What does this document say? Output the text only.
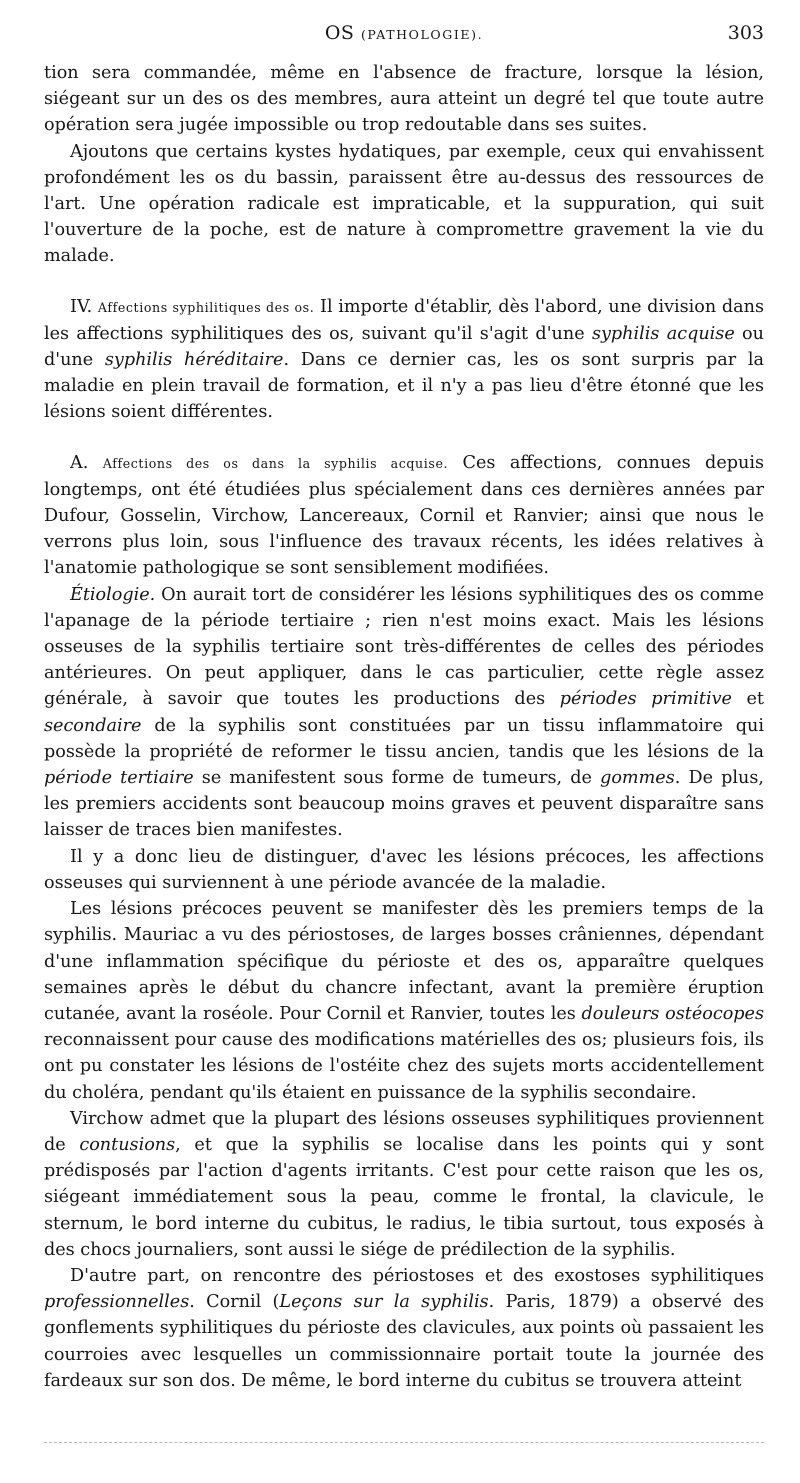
OS (PATHOLOGIE).	303

tion sera commandée, même en l'absence de fracture, lorsque la lésion, siégeant sur un des os des membres, aura atteint un degré tel que toute autre opération sera jugée impossible ou trop redoutable dans ses suites.

Ajoutons que certains kystes hydatiques, par exemple, ceux qui envahissent profondément les os du bassin, paraissent être au-dessus des ressources de l'art. Une opération radicale est impraticable, et la suppuration, qui suit l'ouverture de la poche, est de nature à compromettre gravement la vie du malade.

IV. Affections syphilitiques des os. Il importe d'établir, dès l'abord, une division dans les affections syphilitiques des os, suivant qu'il s'agit d'une syphilis acquise ou d'une syphilis héréditaire. Dans ce dernier cas, les os sont surpris par la maladie en plein travail de formation, et il n'y a pas lieu d'être étonné que les lésions soient différentes.

A. Affections des os dans la syphilis acquise. Ces affections, connues depuis longtemps, ont été étudiées plus spécialement dans ces dernières années par Dufour, Gosselin, Virchow, Lancereaux, Cornil et Ranvier; ainsi que nous le verrons plus loin, sous l'influence des travaux récents, les idées relatives à l'anatomie pathologique se sont sensiblement modifiées.

Étiologie. On aurait tort de considérer les lésions syphilitiques des os comme l'apanage de la période tertiaire ; rien n'est moins exact. Mais les lésions osseuses de la syphilis tertiaire sont très-différentes de celles des périodes antérieures. On peut appliquer, dans le cas particulier, cette règle assez générale, à savoir que toutes les productions des périodes primitive et secondaire de la syphilis sont constituées par un tissu inflammatoire qui possède la propriété de reformer le tissu ancien, tandis que les lésions de la période tertiaire se manifestent sous forme de tumeurs, de gommes. De plus, les premiers accidents sont beaucoup moins graves et peuvent disparaître sans laisser de traces bien manifestes.

Il y a donc lieu de distinguer, d'avec les lésions précoces, les affections osseuses qui surviennent à une période avancée de la maladie.

Les lésions précoces peuvent se manifester dès les premiers temps de la syphilis. Mauriac a vu des périostoses, de larges bosses crâniennes, dépendant d'une inflammation spécifique du périoste et des os, apparaître quelques semaines après le début du chancre infectant, avant la première éruption cutanée, avant la roséole. Pour Cornil et Ranvier, toutes les douleurs ostéocopes reconnaissent pour cause des modifications matérielles des os; plusieurs fois, ils ont pu constater les lésions de l'ostéite chez des sujets morts accidentellement du choléra, pendant qu'ils étaient en puissance de la syphilis secondaire.

Virchow admet que la plupart des lésions osseuses syphilitiques proviennent de contusions, et que la syphilis se localise dans les points qui y sont prédisposés par l'action d'agents irritants. C'est pour cette raison que les os, siégeant immédiatement sous la peau, comme le frontal, la clavicule, le sternum, le bord interne du cubitus, le radius, le tibia surtout, tous exposés à des chocs journaliers, sont aussi le siége de prédilection de la syphilis.

D'autre part, on rencontre des périostoses et des exostoses syphilitiques professionnelles. Cornil (Leçons sur la syphilis. Paris, 1879) a observé des gonflements syphilitiques du périoste des clavicules, aux points où passaient les courroies avec lesquelles un commissionnaire portait toute la journée des fardeaux sur son dos. De même, le bord interne du cubitus se trouvera atteint
